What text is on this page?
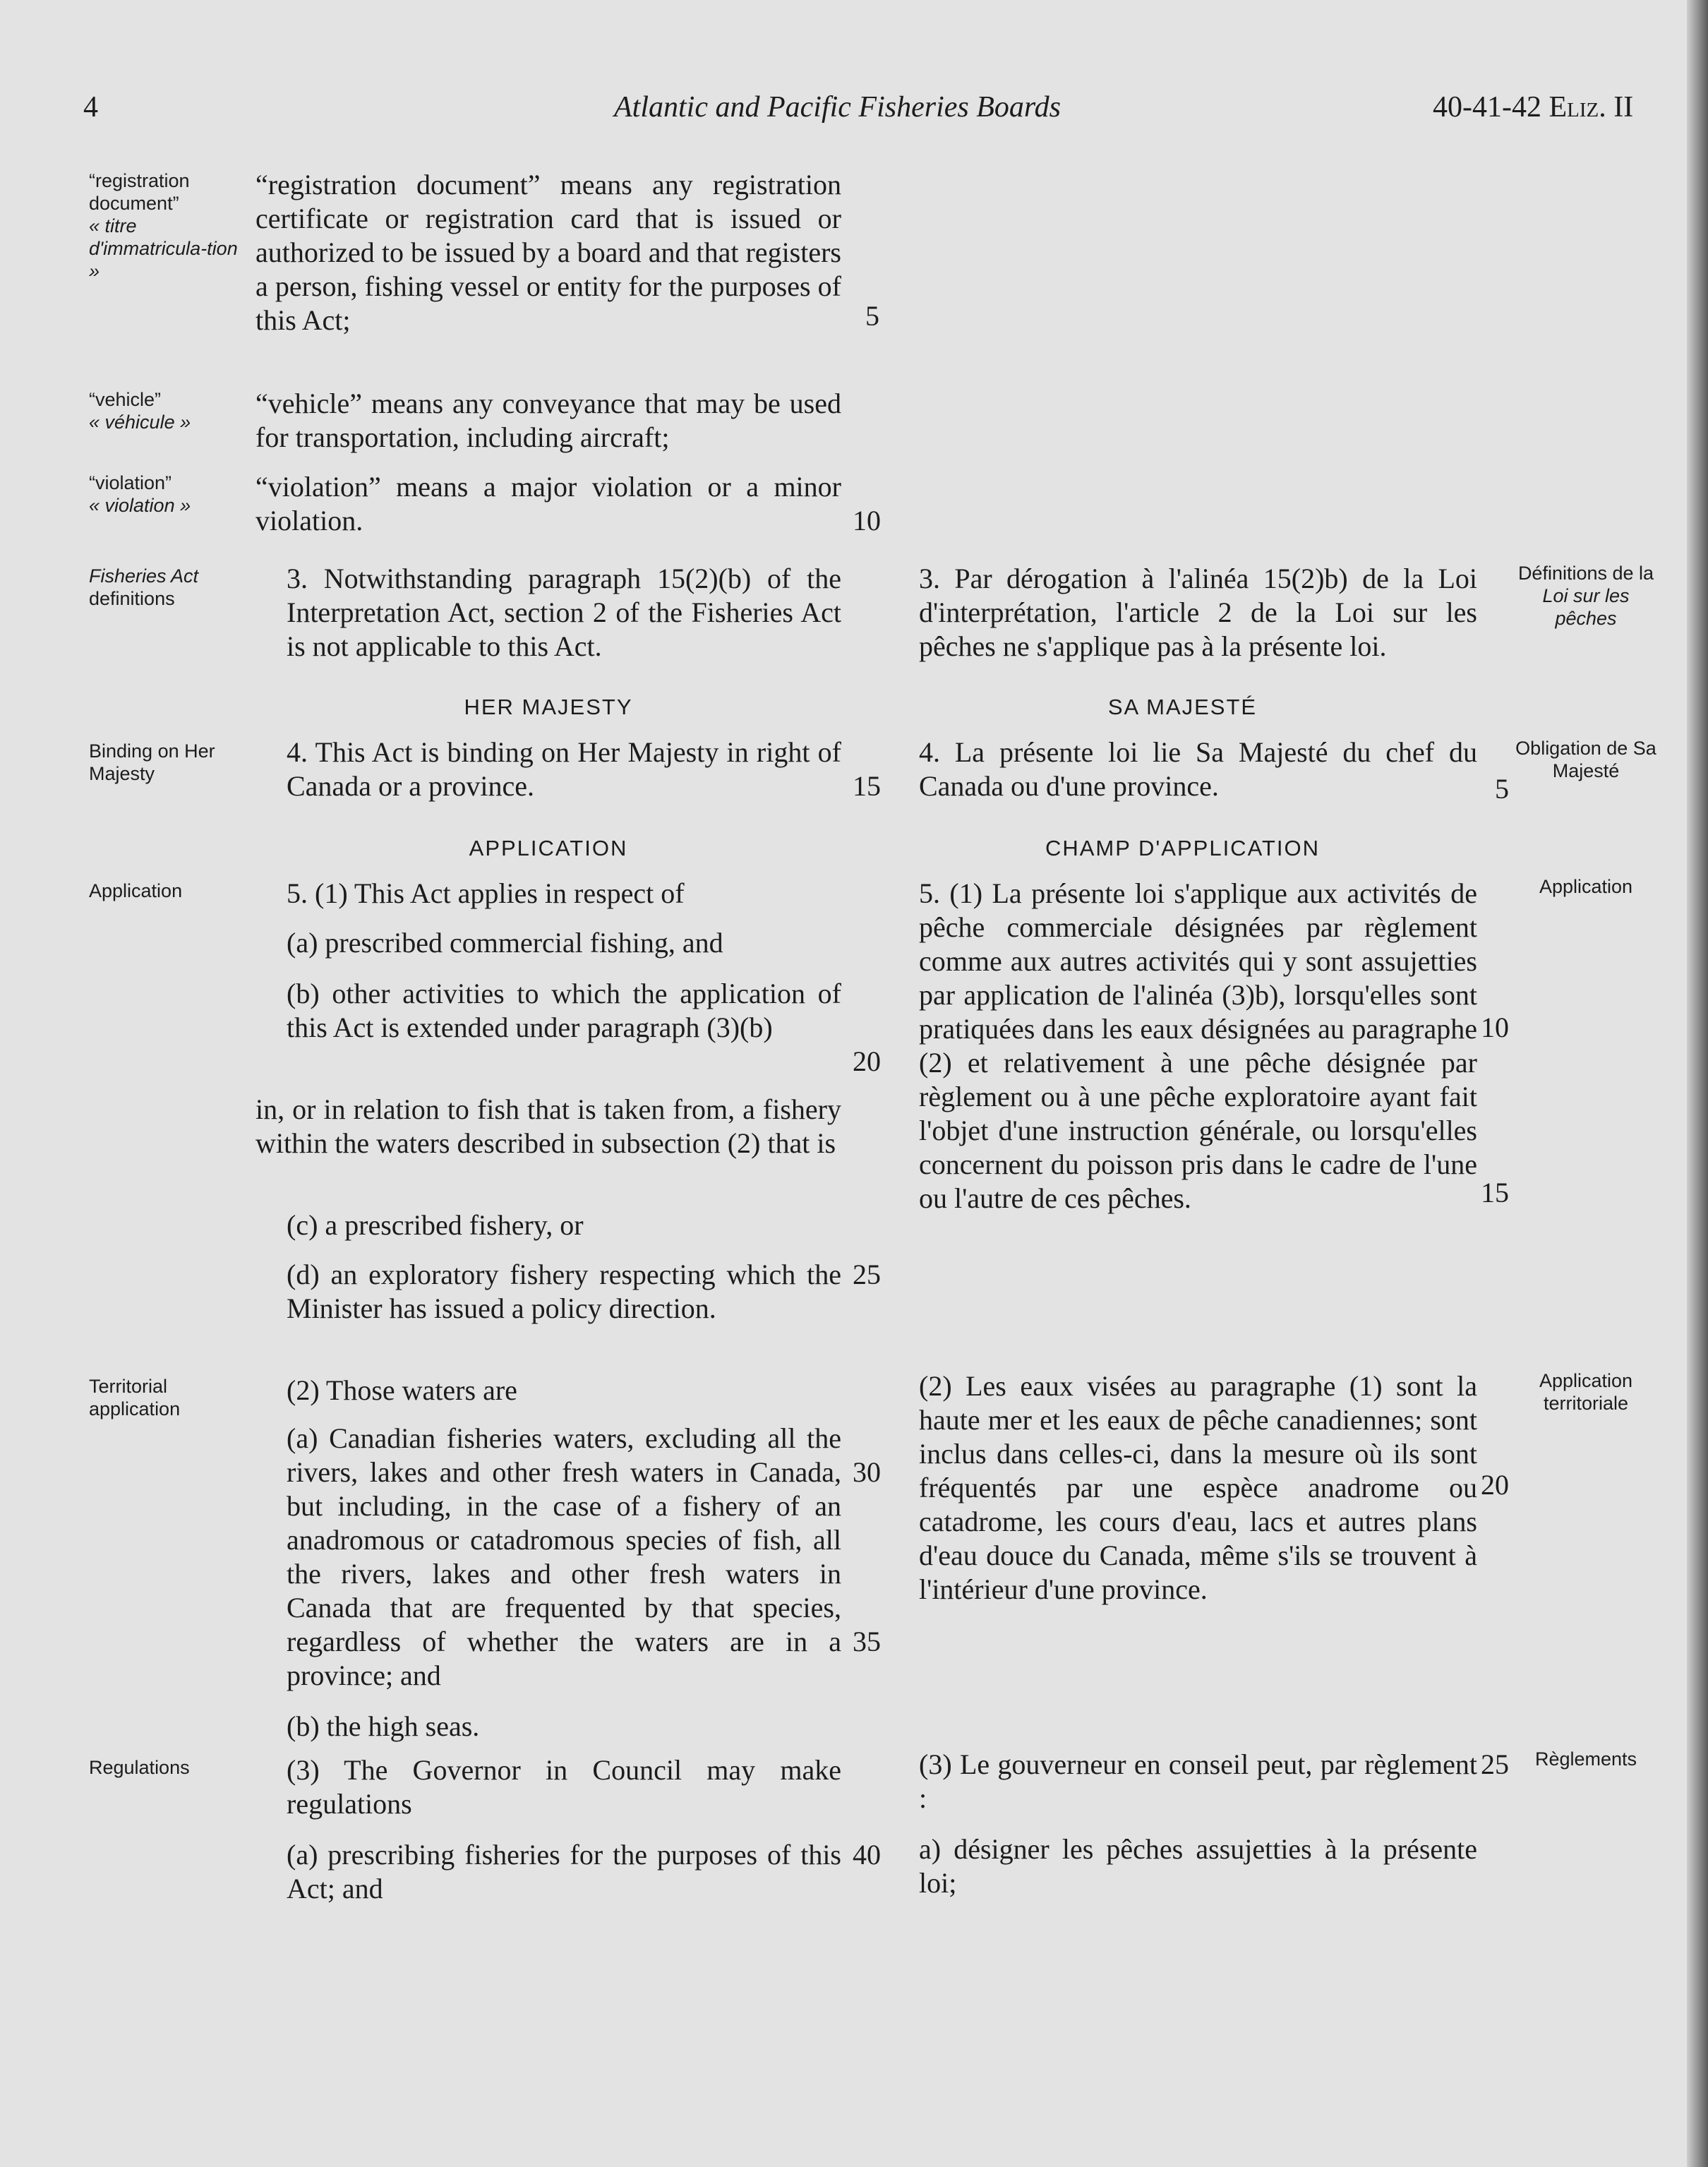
4	Atlantic and Pacific Fisheries Boards	40-41-42 Eliz. II
“registration document”
« titre d'immatricula-tion »
“vehicle”
« véhicule »
“violation”
« violation »
Fisheries Act
definitions
Binding on Her Majesty
Application
Territorial application
Regulations
Définitions de la
Loi sur les pêches
Obligation de Sa Majesté
Application
Application territoriale
Règlements
“registration document” means any registration certificate or registration card that is issued or authorized to be issued by a board and that registers a person, fishing vessel or entity for the purposes of this Act;
“vehicle” means any conveyance that may be used for transportation, including aircraft;
“violation” means a major violation or a minor violation.
3. Notwithstanding paragraph 15(2)(b) of the Interpretation Act, section 2 of the Fisheries Act is not applicable to this Act.
HER MAJESTY
4. This Act is binding on Her Majesty in right of Canada or a province.
APPLICATION
5. (1) This Act applies in respect of
(a) prescribed commercial fishing, and
(b) other activities to which the application of this Act is extended under paragraph (3)(b)
in, or in relation to fish that is taken from, a fishery within the waters described in subsection (2) that is
(c) a prescribed fishery, or
(d) an exploratory fishery respecting which the Minister has issued a policy direction.
(2) Those waters are
(a) Canadian fisheries waters, excluding all the rivers, lakes and other fresh waters in Canada, but including, in the case of a fishery of an anadromous or catadromous species of fish, all the rivers, lakes and other fresh waters in Canada that are frequented by that species, regardless of whether the waters are in a province; and
(b) the high seas.
(3) The Governor in Council may make regulations
(a) prescribing fisheries for the purposes of this Act; and
5
10
15
20
25
30
35
40
3. Par dérogation à l'alinéa 15(2)b) de la Loi d'interprétation, l'article 2 de la Loi sur les pêches ne s'applique pas à la présente loi.
SA MAJESTÉ
4. La présente loi lie Sa Majesté du chef du Canada ou d'une province.
CHAMP D'APPLICATION
5. (1) La présente loi s'applique aux activités de pêche commerciale désignées par règlement comme aux autres activités qui y sont assujetties par application de l'alinéa (3)b), lorsqu'elles sont pratiquées dans les eaux désignées au paragraphe (2) et relativement à une pêche désignée par règlement ou à une pêche exploratoire ayant fait l'objet d'une instruction générale, ou lorsqu'elles concernent du poisson pris dans le cadre de l'une ou l'autre de ces pêches.
(2) Les eaux visées au paragraphe (1) sont la haute mer et les eaux de pêche canadiennes; sont inclus dans celles-ci, dans la mesure où ils sont fréquentés par une espèce anadrome ou catadrome, les cours d'eau, lacs et autres plans d'eau douce du Canada, même s'ils se trouvent à l'intérieur d'une province.
(3) Le gouverneur en conseil peut, par règlement :
a) désigner les pêches assujetties à la présente loi;
5
10
15
20
25
